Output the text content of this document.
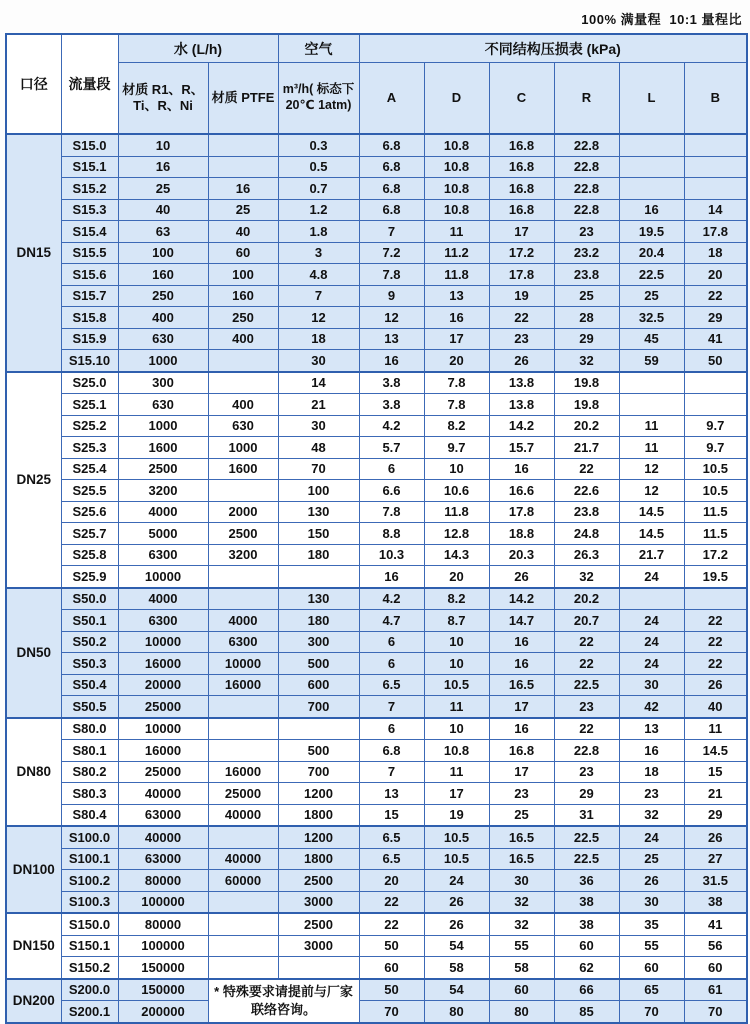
100% 满量程  10:1 量程比
口径	流量段	水 (L/h)		空气	不同结构压损表 (kPa)					
		材质 R1、R、Ti、R、Ni	材质 PTFE	m³/h( 标态下 20℃ 1atm)	A	D	C	R	L	B
DN15	S15.0	10		0.3	6.8	10.8	16.8	22.8		
	S15.1	16		0.5	6.8	10.8	16.8	22.8		
	S15.2	25	16	0.7	6.8	10.8	16.8	22.8		
	S15.3	40	25	1.2	6.8	10.8	16.8	22.8	16	14
	S15.4	63	40	1.8	7	11	17	23	19.5	17.8
	S15.5	100	60	3	7.2	11.2	17.2	23.2	20.4	18
	S15.6	160	100	4.8	7.8	11.8	17.8	23.8	22.5	20
	S15.7	250	160	7	9	13	19	25	25	22
	S15.8	400	250	12	12	16	22	28	32.5	29
	S15.9	630	400	18	13	17	23	29	45	41
	S15.10	1000		30	16	20	26	32	59	50
DN25	S25.0	300		14	3.8	7.8	13.8	19.8		
	S25.1	630	400	21	3.8	7.8	13.8	19.8		
	S25.2	1000	630	30	4.2	8.2	14.2	20.2	11	9.7
	S25.3	1600	1000	48	5.7	9.7	15.7	21.7	11	9.7
	S25.4	2500	1600	70	6	10	16	22	12	10.5
	S25.5	3200		100	6.6	10.6	16.6	22.6	12	10.5
	S25.6	4000	2000	130	7.8	11.8	17.8	23.8	14.5	11.5
	S25.7	5000	2500	150	8.8	12.8	18.8	24.8	14.5	11.5
	S25.8	6300	3200	180	10.3	14.3	20.3	26.3	21.7	17.2
	S25.9	10000			16	20	26	32	24	19.5
DN50	S50.0	4000		130	4.2	8.2	14.2	20.2		
	S50.1	6300	4000	180	4.7	8.7	14.7	20.7	24	22
	S50.2	10000	6300	300	6	10	16	22	24	22
	S50.3	16000	10000	500	6	10	16	22	24	22
	S50.4	20000	16000	600	6.5	10.5	16.5	22.5	30	26
	S50.5	25000		700	7	11	17	23	42	40
DN80	S80.0	10000			6	10	16	22	13	11
	S80.1	16000		500	6.8	10.8	16.8	22.8	16	14.5
	S80.2	25000	16000	700	7	11	17	23	18	15
	S80.3	40000	25000	1200	13	17	23	29	23	21
	S80.4	63000	40000	1800	15	19	25	31	32	29
DN100	S100.0	40000		1200	6.5	10.5	16.5	22.5	24	26
	S100.1	63000	40000	1800	6.5	10.5	16.5	22.5	25	27
	S100.2	80000	60000	2500	20	24	30	36	26	31.5
	S100.3	100000		3000	22	26	32	38	30	38
DN150	S150.0	80000		2500	22	26	32	38	35	41
	S150.1	100000		3000	50	54	55	60	55	56
	S150.2	150000			60	58	58	62	60	60
DN200	S200.0	150000	* 特殊要求请提前与厂家联络咨询。		50	54	60	66	65	61
	S200.1	200000			70	80	80	85	70	70
